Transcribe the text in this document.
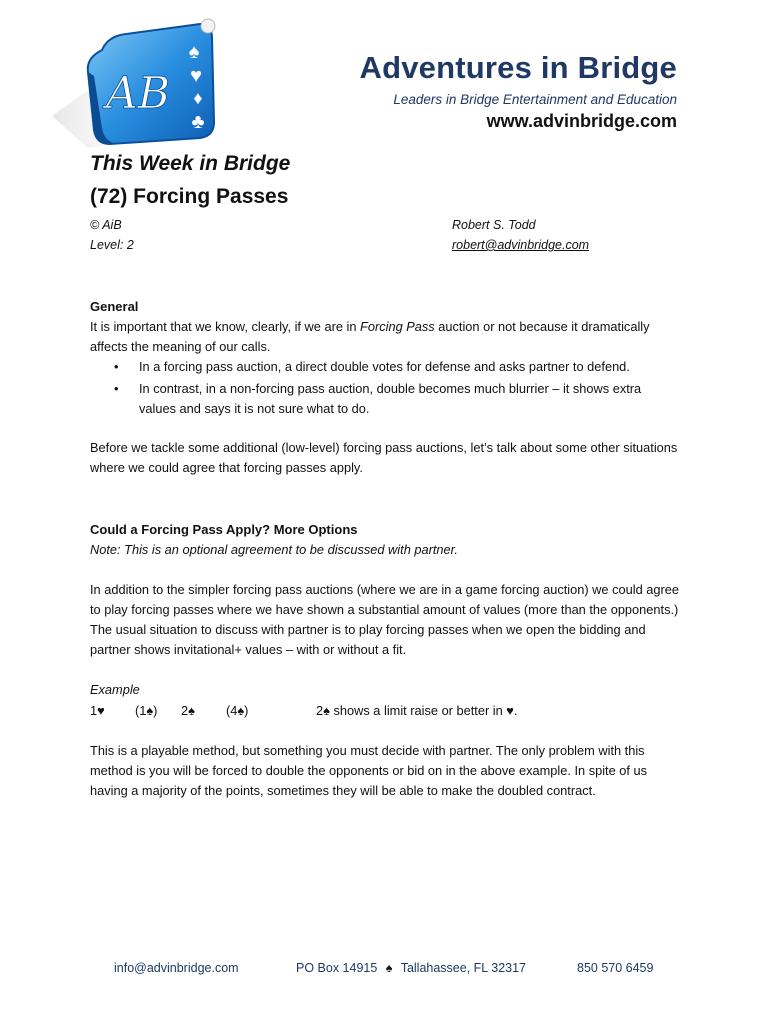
AB
♠
♥
♦
♣
Adventures in Bridge
Leaders in Bridge Entertainment and Education
www.advinbridge.com
This Week in Bridge
(72) Forcing Passes
© AiB
Level: 2
Robert S. Todd
robert@advinbridge.com
General
It is important that we know, clearly, if we are in Forcing Pass auction or not because it dramatically affects the meaning of our calls.
• In a forcing pass auction, a direct double votes for defense and asks partner to defend.
• In contrast, in a non-forcing pass auction, double becomes much blurrier – it shows extra values and says it is not sure what to do.
Before we tackle some additional (low-level) forcing pass auctions, let’s talk about some other situations where we could agree that forcing passes apply.
Could a Forcing Pass Apply? More Options
Note: This is an optional agreement to be discussed with partner.
In addition to the simpler forcing pass auctions (where we are in a game forcing auction) we could agree to play forcing passes where we have shown a substantial amount of values (more than the opponents.) The usual situation to discuss with partner is to play forcing passes when we open the bidding and partner shows invitational+ values – with or without a fit.
Example
1♥ (1♠) 2♠ (4♠)	2♠ shows a limit raise or better in ♥.
This is a playable method, but something you must decide with partner. The only problem with this method is you will be forced to double the opponents or bid on in the above example. In spite of us having a majority of the points, sometimes they will be able to make the doubled contract.
info@advinbridge.com	PO Box 14915 ♠ Tallahassee, FL 32317	850 570 6459
